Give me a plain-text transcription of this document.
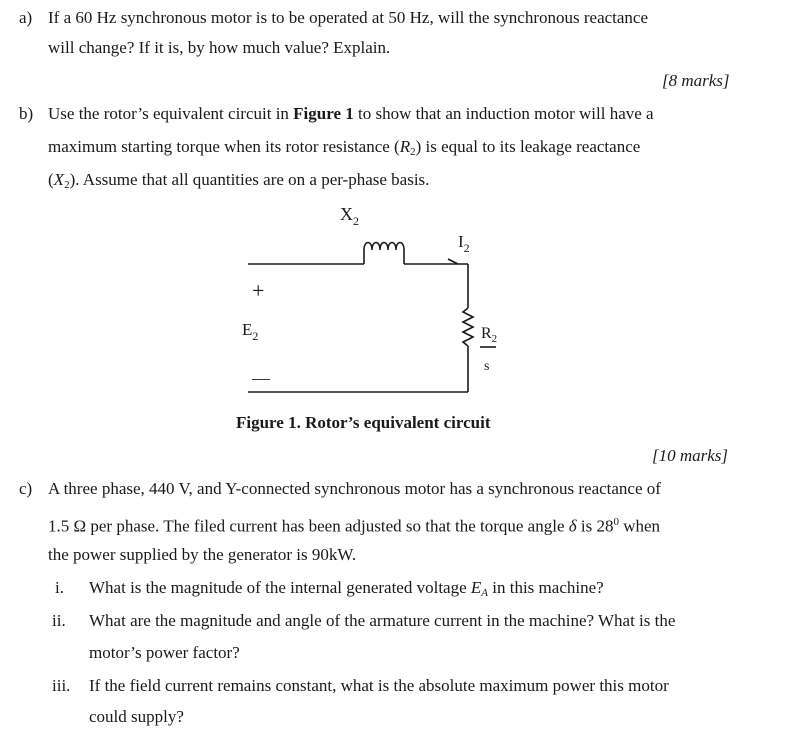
a) If a 60 Hz synchronous motor is to be operated at 50 Hz, will the synchronous reactance
will change? If it is, by how much value? Explain.
[8 marks]
b) Use the rotor’s equivalent circuit in Figure 1 to show that an induction motor will have a
maximum starting torque when its rotor resistance $(R_2)$ is equal to its leakage reactance
$(X_2)$. Assume that all quantities are on a per-phase basis.
$X_2$
$I_2$
+
$E_2$
—
$R_2$
s
Figure 1. Rotor’s equivalent circuit
[10 marks]
c) A three phase, 440 V, and Y-connected synchronous motor has a synchronous reactance of
1.5 Ω per phase. The filed current has been adjusted so that the torque angle δ is $28^0$ when
the power supplied by the generator is 90kW.
i. What is the magnitude of the internal generated voltage $E_A$ in this machine?
ii. What are the magnitude and angle of the armature current in the machine? What is the
motor’s power factor?
iii. If the field current remains constant, what is the absolute maximum power this motor
could supply?
